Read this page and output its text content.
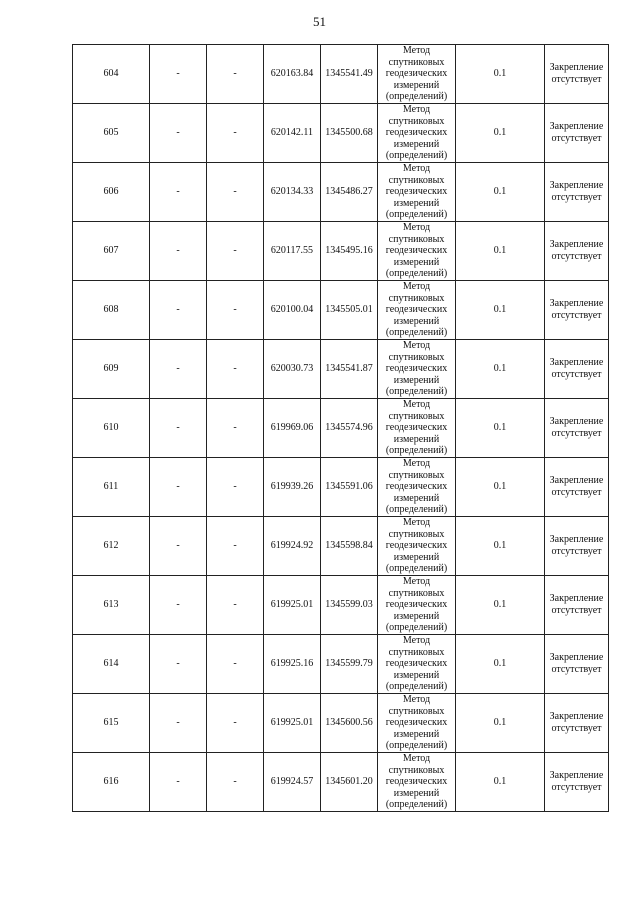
51
604	-	-	620163.84	1345541.49	Метод
спутниковых
геодезических
измерений
(определений)	0.1	Закрепление
отсутствует

605	-	-	620142.11	1345500.68	Метод
спутниковых
геодезических
измерений
(определений)	0.1	Закрепление
отсутствует

606	-	-	620134.33	1345486.27	Метод
спутниковых
геодезических
измерений
(определений)	0.1	Закрепление
отсутствует

607	-	-	620117.55	1345495.16	Метод
спутниковых
геодезических
измерений
(определений)	0.1	Закрепление
отсутствует

608	-	-	620100.04	1345505.01	Метод
спутниковых
геодезических
измерений
(определений)	0.1	Закрепление
отсутствует

609	-	-	620030.73	1345541.87	Метод
спутниковых
геодезических
измерений
(определений)	0.1	Закрепление
отсутствует

610	-	-	619969.06	1345574.96	Метод
спутниковых
геодезических
измерений
(определений)	0.1	Закрепление
отсутствует

611	-	-	619939.26	1345591.06	Метод
спутниковых
геодезических
измерений
(определений)	0.1	Закрепление
отсутствует

612	-	-	619924.92	1345598.84	Метод
спутниковых
геодезических
измерений
(определений)	0.1	Закрепление
отсутствует

613	-	-	619925.01	1345599.03	Метод
спутниковых
геодезических
измерений
(определений)	0.1	Закрепление
отсутствует

614	-	-	619925.16	1345599.79	Метод
спутниковых
геодезических
измерений
(определений)	0.1	Закрепление
отсутствует

615	-	-	619925.01	1345600.56	Метод
спутниковых
геодезических
измерений
(определений)	0.1	Закрепление
отсутствует

616	-	-	619924.57	1345601.20	Метод
спутниковых
геодезических
измерений
(определений)	0.1	Закрепление
отсутствует
